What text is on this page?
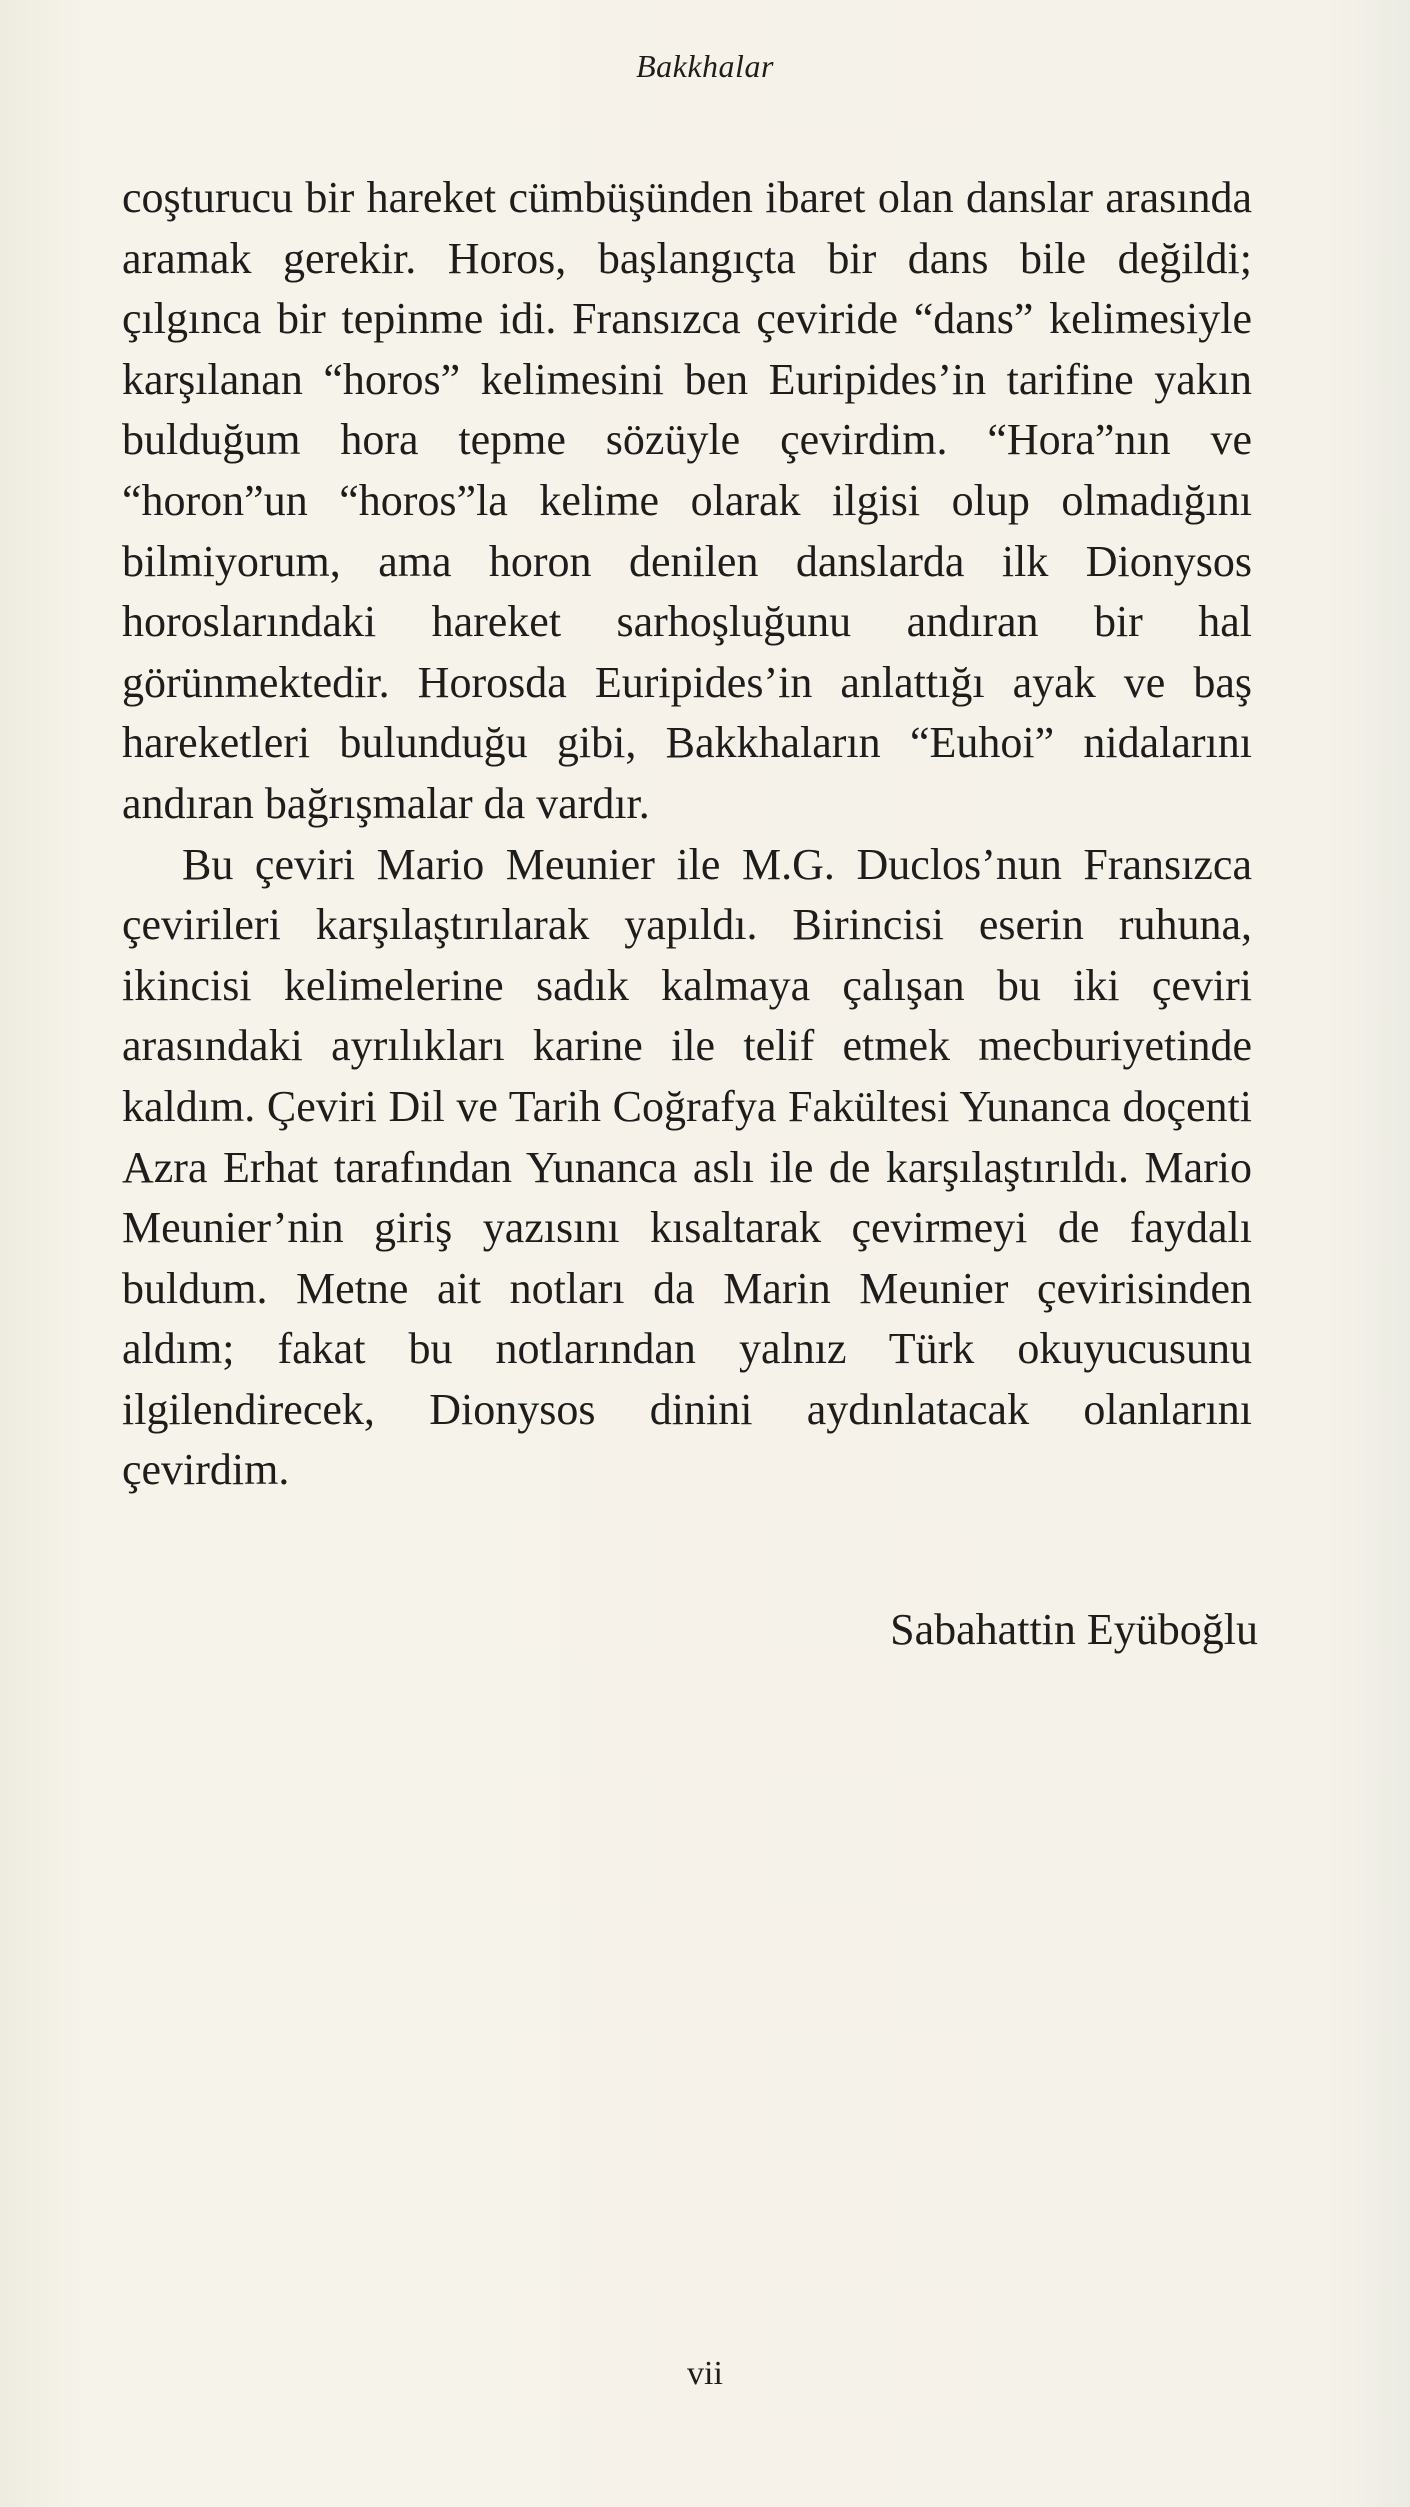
Bakkhalar

coşturucu bir hareket cümbüşünden ibaret olan danslar arasında aramak gerekir. Horos, başlangıçta bir dans bile değildi; çılgınca bir tepinme idi. Fransızca çeviride “dans” kelimesiyle karşılanan “horos” kelimesini ben Euripides’in tarifine yakın bulduğum hora tepme sözüyle çevirdim. “Hora”nın ve “horon”un “horos”la kelime olarak ilgisi olup olmadığını bilmiyorum, ama horon denilen danslarda ilk Dionysos horoslarındaki hareket sarhoşluğunu andıran bir hal görünmektedir. Horosda Euripides’in anlattığı ayak ve baş hareketleri bulunduğu gibi, Bakkhaların “Euhoi” nidalarını andıran bağrışmalar da vardır.

Bu çeviri Mario Meunier ile M.G. Duclos’nun Fransızca çevirileri karşılaştırılarak yapıldı. Birincisi eserin ruhuna, ikincisi kelimelerine sadık kalmaya çalışan bu iki çeviri arasındaki ayrılıkları karine ile telif etmek mecburiyetinde kaldım. Çeviri Dil ve Tarih Coğrafya Fakültesi Yunanca doçenti Azra Erhat tarafından Yunanca aslı ile de karşılaştırıldı. Mario Meunier’nin giriş yazısını kısaltarak çevirmeyi de faydalı buldum. Metne ait notları da Marin Meunier çevirisinden aldım; fakat bu notlarından yalnız Türk okuyucusunu ilgilendirecek, Dionysos dinini aydınlatacak olanlarını çevirdim.

Sabahattin Eyüboğlu
vii
